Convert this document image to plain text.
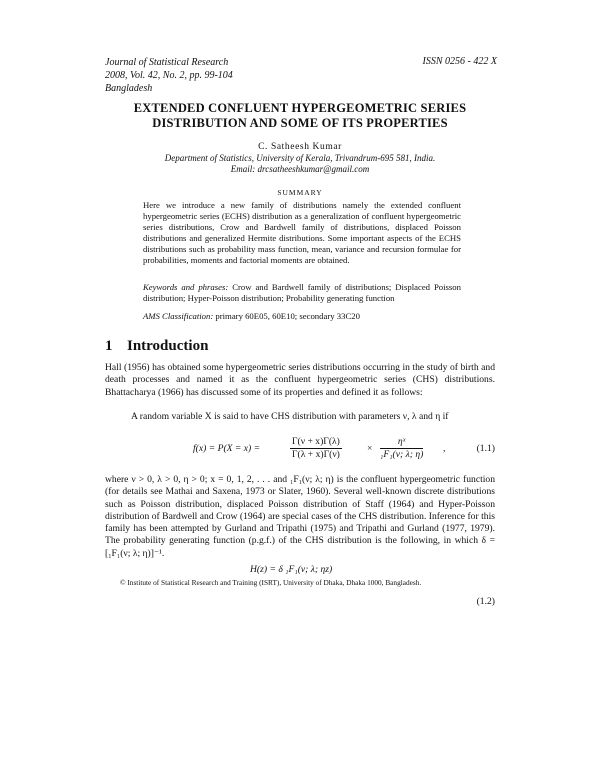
Journal of Statistical Research
2008, Vol. 42, No. 2, pp. 99-104
Bangladesh
ISSN 0256 - 422 X
EXTENDED CONFLUENT HYPERGEOMETRIC SERIES
DISTRIBUTION AND SOME OF ITS PROPERTIES
C. Satheesh Kumar
Department of Statistics, University of Kerala, Trivandrum-695 581, India.
Email: drcsatheeshkumar@gmail.com
SUMMARY
Here we introduce a new family of distributions namely the extended confluent hypergeometric series (ECHS) distribution as a generalization of confluent hypergeometric series distributions, Crow and Bardwell family of distributions, displaced Poisson distributions and generalized Hermite distributions. Some important aspects of the ECHS distributions such as probability mass function, mean, variance and recursion formulae for probabilities, moments and factorial moments are obtained.
Keywords and phrases: Crow and Bardwell family of distributions; Displaced Poisson distribution; Hyper-Poisson distribution; Probability generating function
AMS Classification: primary 60E05, 60E10; secondary 33C20
1 Introduction
Hall (1956) has obtained some hypergeometric series distributions occurring in the study of birth and death processes and named it as the confluent hypergeometric series (CHS) distributions. Bhattacharya (1966) has discussed some of its properties and defined it as follows:
A random variable X is said to have CHS distribution with parameters ν, λ and η if
f(x) = P(X = x) =	$\frac{\Gamma(\nu + x)\Gamma(\lambda)}{\Gamma(\lambda + x)\Gamma(\nu)}$	× $\frac{\text{ηˣ}}{\text{₁F₁(ν; λ; η)}}$ ,	(1.1)
where ν > 0, λ > 0, η > 0; x = 0, 1, 2, . . . and ₁F₁(ν; λ; η) is the confluent hypergeometric function (for details see Mathai and Saxena, 1973 or Slater, 1960). Several well-known discrete distributions such as Poisson distribution, displaced Poisson distribution of Staff (1964) and Hyper-Poisson distribution of Bardwell and Crow (1964) are special cases of the CHS distribution. Inference for this family has been attempted by Gurland and Tripathi (1975) and Tripathi and Gurland (1977, 1979). The probability generating function (p.g.f.) of the CHS distribution is the following, in which δ = [₁F₁(ν; λ; η)]⁻¹.
H(z) = δ ₁F₁(ν; λ; ηz)
(1.2)
© Institute of Statistical Research and Training (ISRT), University of Dhaka, Dhaka 1000, Bangladesh.
